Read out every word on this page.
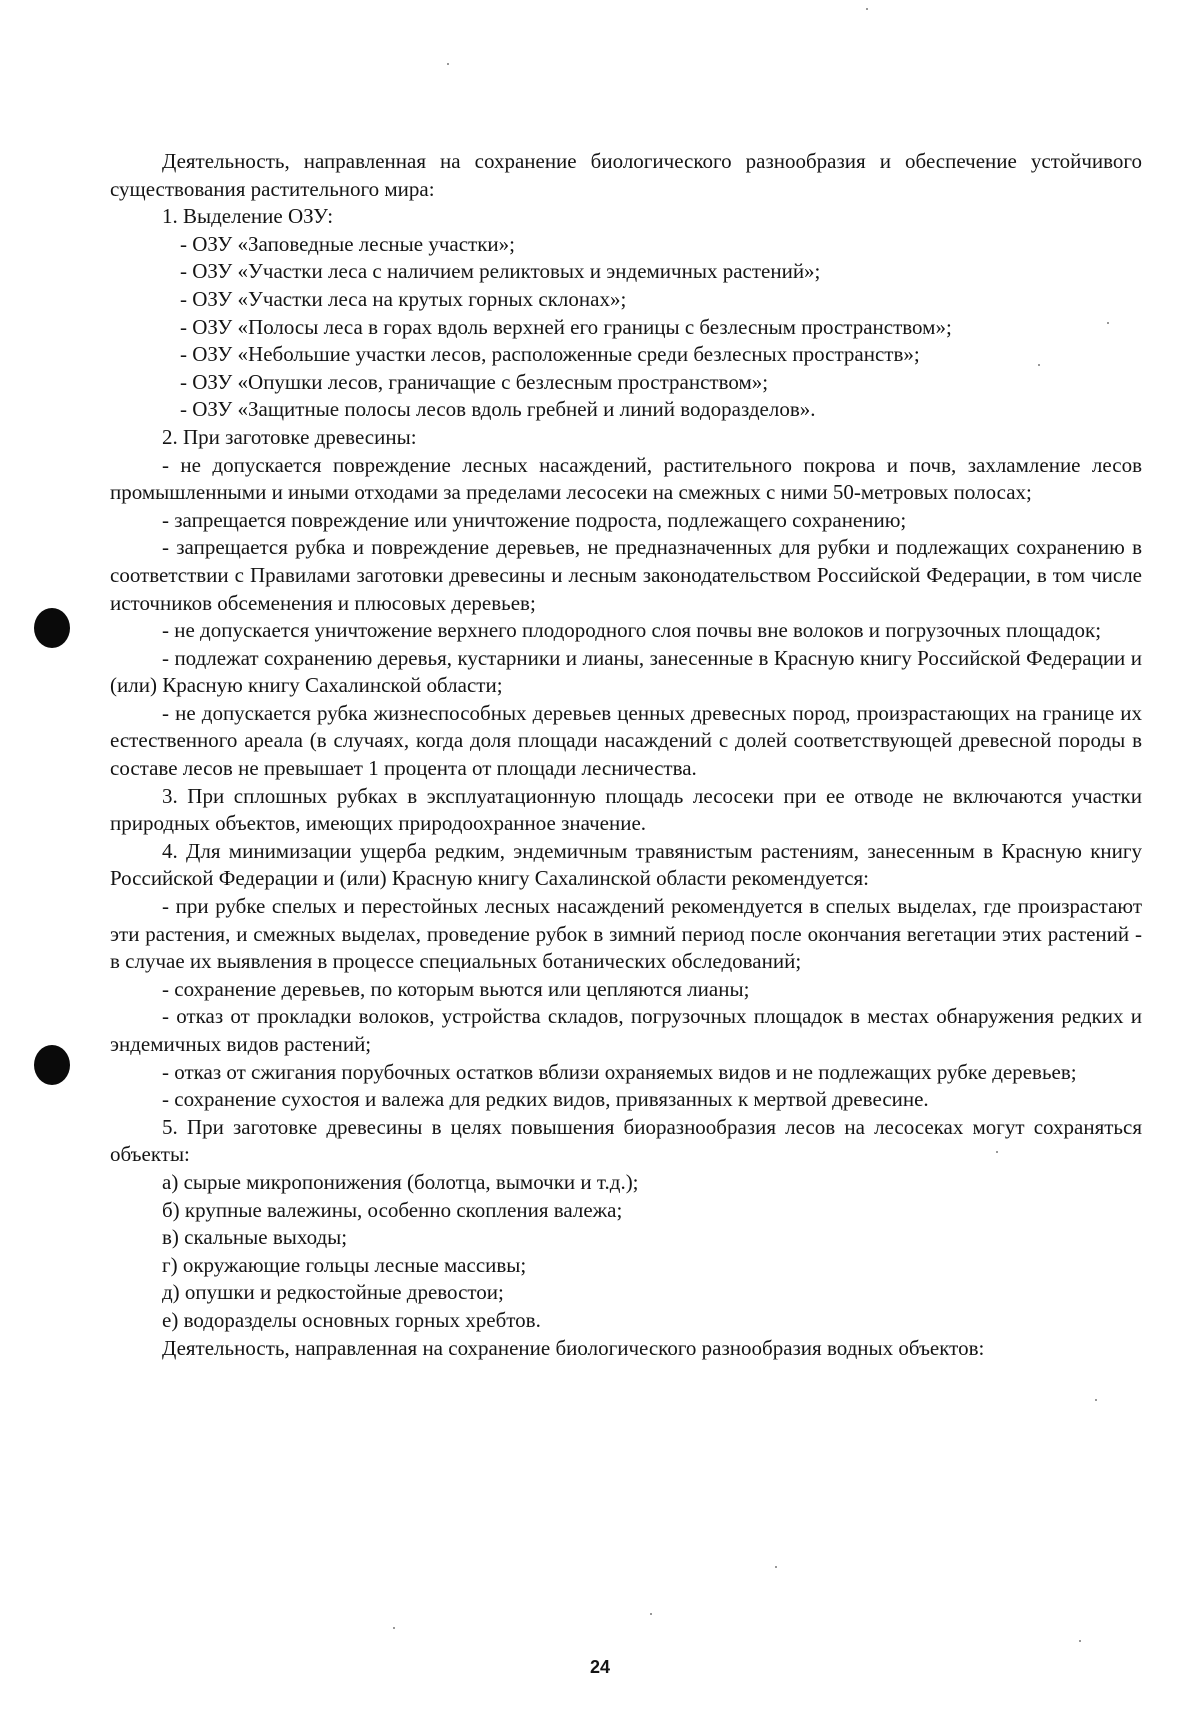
Деятельность, направленная на сохранение биологического разнообразия и обеспечение устойчивого существования растительного мира:

1. Выделение ОЗУ:

- ОЗУ «Заповедные лесные участки»;

- ОЗУ «Участки леса с наличием реликтовых и эндемичных растений»;

- ОЗУ «Участки леса на крутых горных склонах»;

- ОЗУ «Полосы леса в горах вдоль верхней его границы с безлесным пространством»;

- ОЗУ «Небольшие участки лесов, расположенные среди безлесных пространств»;

- ОЗУ «Опушки лесов, граничащие с безлесным пространством»;

- ОЗУ «Защитные полосы лесов вдоль гребней и линий водоразделов».

2. При заготовке древесины:

- не допускается повреждение лесных насаждений, растительного покрова и почв, захламление лесов промышленными и иными отходами за пределами лесосеки на смежных с ними 50-метровых полосах;

- запрещается повреждение или уничтожение подроста, подлежащего сохранению;

- запрещается рубка и повреждение деревьев, не предназначенных для рубки и подлежащих сохранению в соответствии с Правилами заготовки древесины и лесным законодательством Российской Федерации, в том числе источников обсеменения и плюсовых деревьев;

- не допускается уничтожение верхнего плодородного слоя почвы вне волоков и погрузочных площадок;

- подлежат сохранению деревья, кустарники и лианы, занесенные в Красную книгу Российской Федерации и (или) Красную книгу Сахалинской области;

- не допускается рубка жизнеспособных деревьев ценных древесных пород, произрастающих на границе их естественного ареала (в случаях, когда доля площади насаждений с долей соответствующей древесной породы в составе лесов не превышает 1 процента от площади лесничества.

3. При сплошных рубках в эксплуатационную площадь лесосеки при ее отводе не включаются участки природных объектов, имеющих природоохранное значение.

4. Для минимизации ущерба редким, эндемичным травянистым растениям, занесенным в Красную книгу Российской Федерации и (или) Красную книгу Сахалинской области рекомендуется:

- при рубке спелых и перестойных лесных насаждений рекомендуется в спелых выделах, где произрастают эти растения, и смежных выделах, проведение рубок в зимний период после окончания вегетации этих растений - в случае их выявления в процессе специальных ботанических обследований;

- сохранение деревьев, по которым вьются или цепляются лианы;

- отказ от прокладки волоков, устройства складов, погрузочных площадок в местах обнаружения редких и эндемичных видов растений;

- отказ от сжигания порубочных остатков вблизи охраняемых видов и не подлежащих рубке деревьев;

- сохранение сухостоя и валежа для редких видов, привязанных к мертвой древесине.

5. При заготовке древесины в целях повышения биоразнообразия лесов на лесосеках могут сохраняться объекты:

а) сырые микропонижения (болотца, вымочки и т.д.);

б) крупные валежины, особенно скопления валежа;

в) скальные выходы;

г) окружающие гольцы лесные массивы;

д) опушки и редкостойные древостои;

е) водоразделы основных горных хребтов.

Деятельность, направленная на сохранение биологического разнообразия водных объектов:

24
